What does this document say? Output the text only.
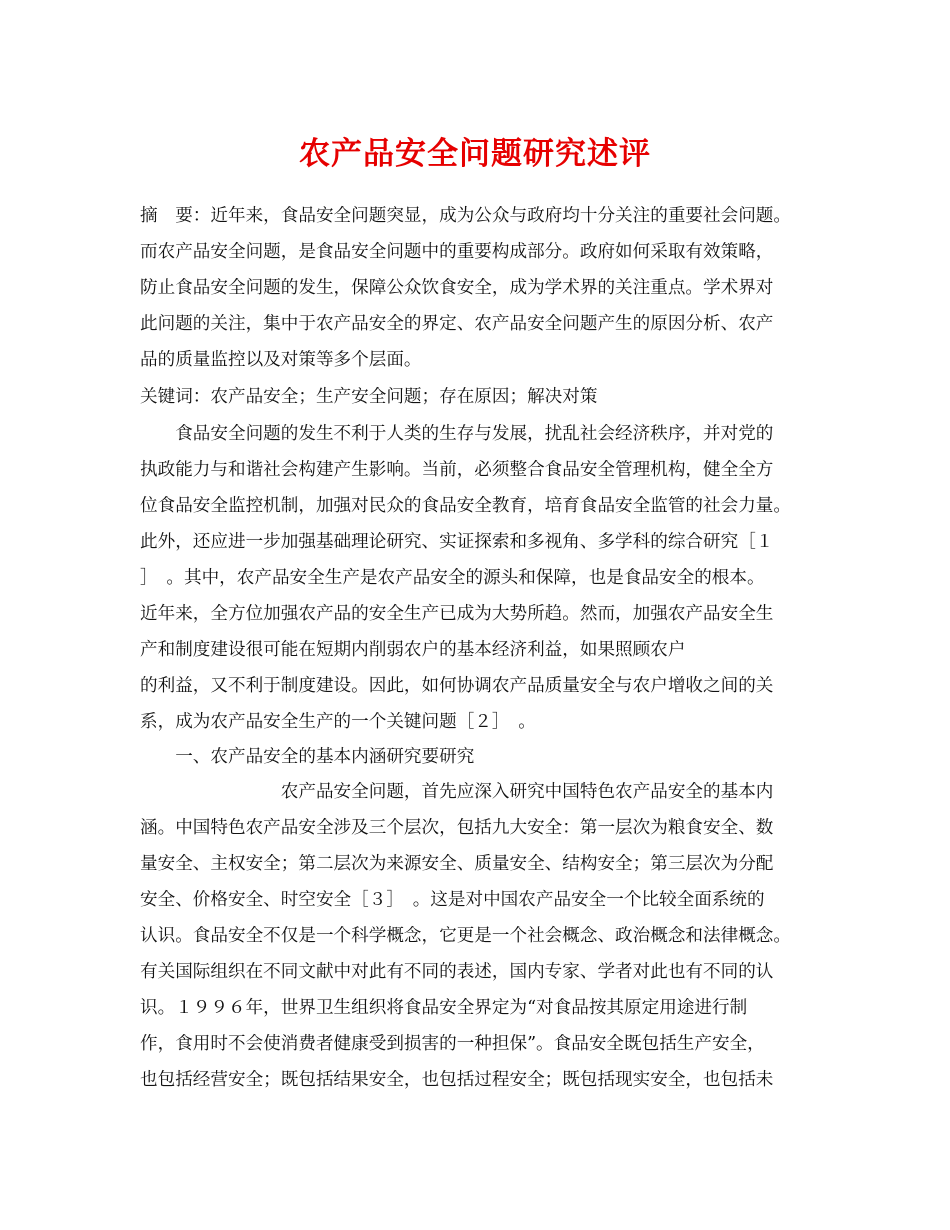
农产品安全问题研究述评
摘　要：近年来，食品安全问题突显，成为公众与政府均十分关注的重要社会问题。
而农产品安全问题，是食品安全问题中的重要构成部分。政府如何采取有效策略，
防止食品安全问题的发生，保障公众饮食安全，成为学术界的关注重点。学术界对
此问题的关注，集中于农产品安全的界定、农产品安全问题产生的原因分析、农产
品的质量监控以及对策等多个层面。
关键词：农产品安全；生产安全问题；存在原因；解决对策
　　食品安全问题的发生不利于人类的生存与发展，扰乱社会经济秩序，并对党的
执政能力与和谐社会构建产生影响。当前，必须整合食品安全管理机构，健全全方
位食品安全监控机制，加强对民众的食品安全教育，培育食品安全监管的社会力量。
此外，还应进一步加强基础理论研究、实证探索和多视角、多学科的综合研究［１
］　。其中，农产品安全生产是农产品安全的源头和保障，也是食品安全的根本。
近年来，全方位加强农产品的安全生产已成为大势所趋。然而，加强农产品安全生
产和制度建设很可能在短期内削弱农户的基本经济利益，如果照顾农户
的利益，又不利于制度建设。因此，如何协调农产品质量安全与农户增收之间的关
系，成为农产品安全生产的一个关键问题［２］　。
　　一、农产品安全的基本内涵研究要研究
　　　　　　　　农产品安全问题，首先应深入研究中国特色农产品安全的基本内
涵。中国特色农产品安全涉及三个层次，包括九大安全：第一层次为粮食安全、数
量安全、主权安全；第二层次为来源安全、质量安全、结构安全；第三层次为分配
安全、价格安全、时空安全［３］　。这是对中国农产品安全一个比较全面系统的
认识。食品安全不仅是一个科学概念，它更是一个社会概念、政治概念和法律概念。
有关国际组织在不同文献中对此有不同的表述，国内专家、学者对此也有不同的认
识。１９９６年，世界卫生组织将食品安全界定为“对食品按其原定用途进行制
作，食用时不会使消费者健康受到损害的一种担保”。食品安全既包括生产安全，
也包括经营安全；既包括结果安全，也包括过程安全；既包括现实安全，也包括未
